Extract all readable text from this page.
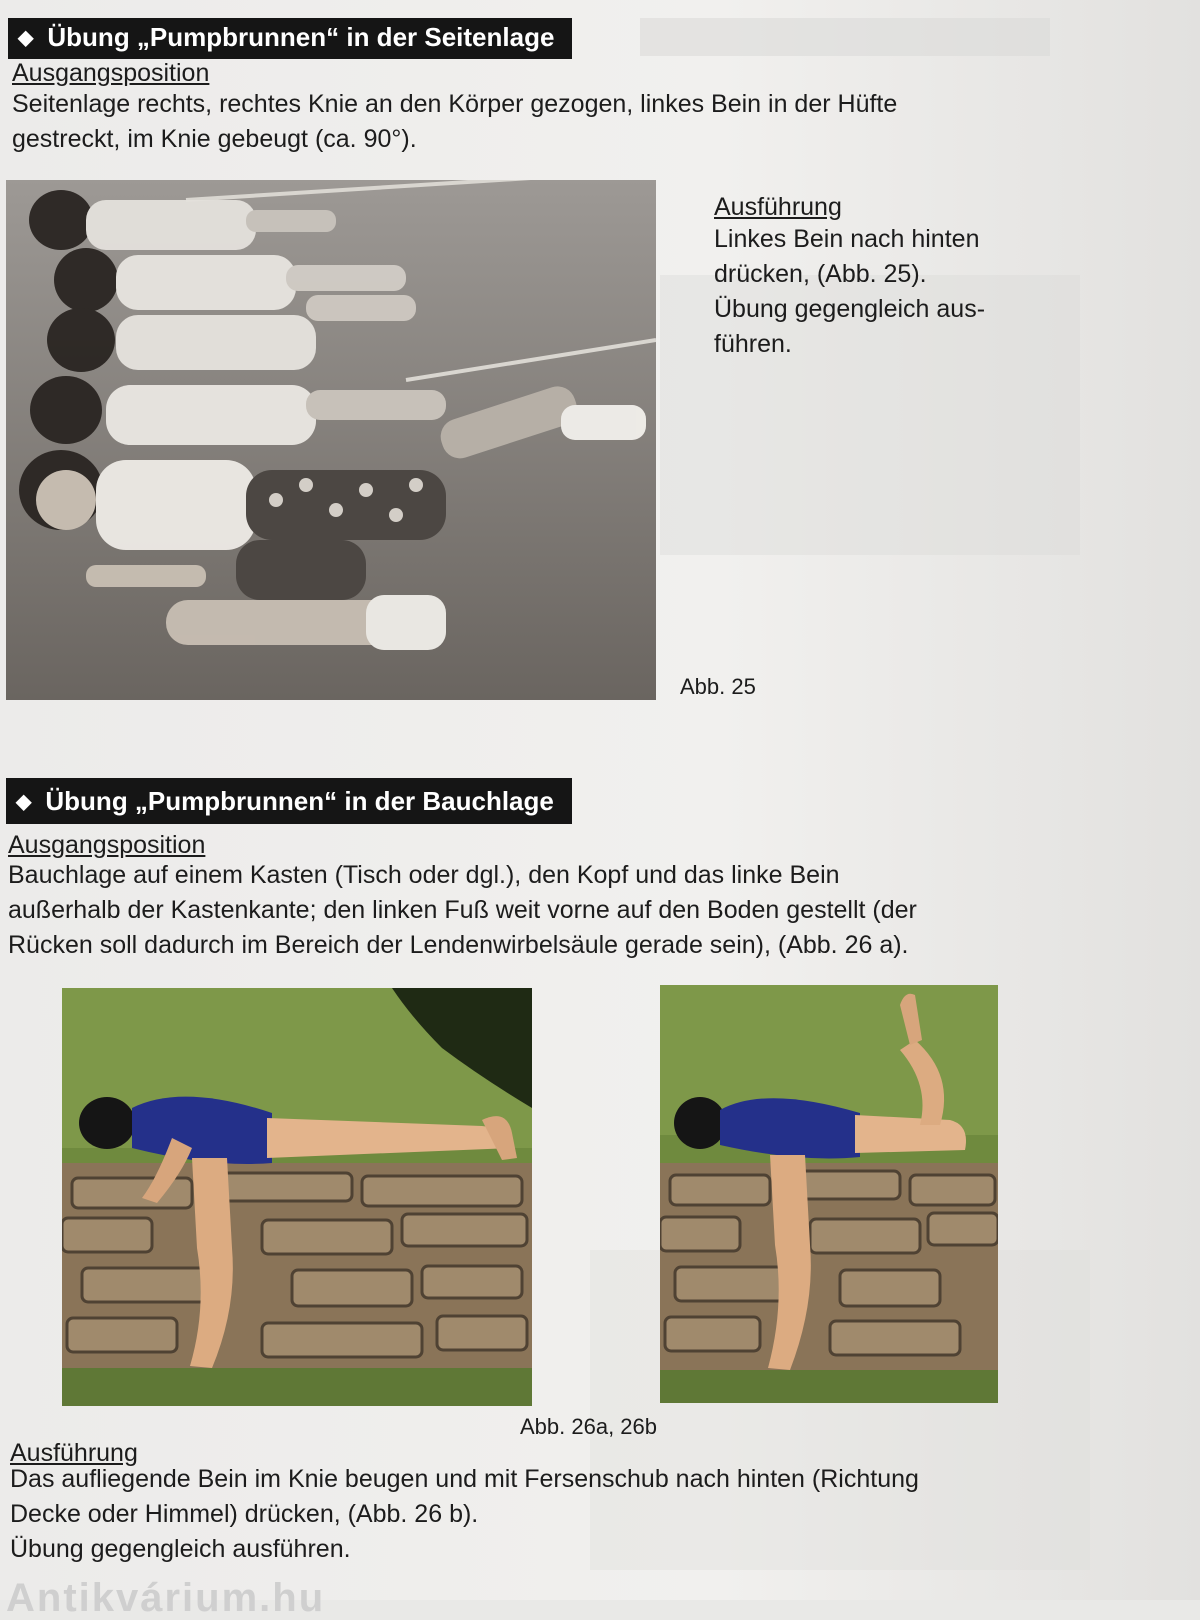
◆ Übung „Pumpbrunnen“ in der Seitenlage
Ausgangsposition
Seitenlage rechts, rechtes Knie an den Körper gezogen, linkes Bein in der Hüfte
gestreckt, im Knie gebeugt (ca. 90°).
Ausführung
Linkes Bein nach hinten
drücken, (Abb. 25).
Übung gegengleich aus-
führen.
Abb. 25
◆ Übung „Pumpbrunnen“ in der Bauchlage
Ausgangsposition
Bauchlage auf einem Kasten (Tisch oder dgl.), den Kopf und das linke Bein
außerhalb der Kastenkante; den linken Fuß weit vorne auf den Boden gestellt (der
Rücken soll dadurch im Bereich der Lendenwirbelsäule gerade sein), (Abb. 26 a).
Abb. 26a, 26b
Ausführung
Das aufliegende Bein im Knie beugen und mit Fersenschub nach hinten (Richtung
Decke oder Himmel) drücken, (Abb. 26 b).
Übung gegengleich ausführen.
Antikvárium.hu
